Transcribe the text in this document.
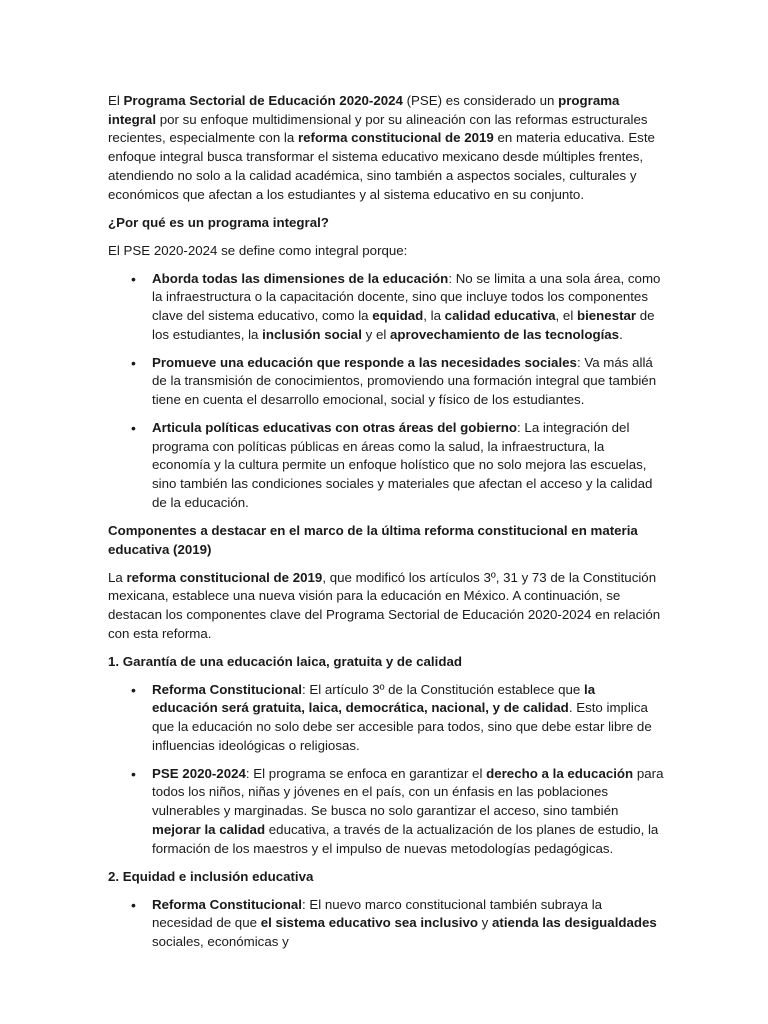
El Programa Sectorial de Educación 2020-2024 (PSE) es considerado un programa integral por su enfoque multidimensional y por su alineación con las reformas estructurales recientes, especialmente con la reforma constitucional de 2019 en materia educativa. Este enfoque integral busca transformar el sistema educativo mexicano desde múltiples frentes, atendiendo no solo a la calidad académica, sino también a aspectos sociales, culturales y económicos que afectan a los estudiantes y al sistema educativo en su conjunto.

¿Por qué es un programa integral?

El PSE 2020-2024 se define como integral porque:

• Aborda todas las dimensiones de la educación: No se limita a una sola área, como la infraestructura o la capacitación docente, sino que incluye todos los componentes clave del sistema educativo, como la equidad, la calidad educativa, el bienestar de los estudiantes, la inclusión social y el aprovechamiento de las tecnologías.
• Promueve una educación que responde a las necesidades sociales: Va más allá de la transmisión de conocimientos, promoviendo una formación integral que también tiene en cuenta el desarrollo emocional, social y físico de los estudiantes.
• Articula políticas educativas con otras áreas del gobierno: La integración del programa con políticas públicas en áreas como la salud, la infraestructura, la economía y la cultura permite un enfoque holístico que no solo mejora las escuelas, sino también las condiciones sociales y materiales que afectan el acceso y la calidad de la educación.

Componentes a destacar en el marco de la última reforma constitucional en materia educativa (2019)

La reforma constitucional de 2019, que modificó los artículos 3º, 31 y 73 de la Constitución mexicana, establece una nueva visión para la educación en México. A continuación, se destacan los componentes clave del Programa Sectorial de Educación 2020-2024 en relación con esta reforma.

1. Garantía de una educación laica, gratuita y de calidad

• Reforma Constitucional: El artículo 3º de la Constitución establece que la educación será gratuita, laica, democrática, nacional, y de calidad. Esto implica que la educación no solo debe ser accesible para todos, sino que debe estar libre de influencias ideológicas o religiosas.
• PSE 2020-2024: El programa se enfoca en garantizar el derecho a la educación para todos los niños, niñas y jóvenes en el país, con un énfasis en las poblaciones vulnerables y marginadas. Se busca no solo garantizar el acceso, sino también mejorar la calidad educativa, a través de la actualización de los planes de estudio, la formación de los maestros y el impulso de nuevas metodologías pedagógicas.

2. Equidad e inclusión educativa

• Reforma Constitucional: El nuevo marco constitucional también subraya la necesidad de que el sistema educativo sea inclusivo y atienda las desigualdades sociales, económicas y
